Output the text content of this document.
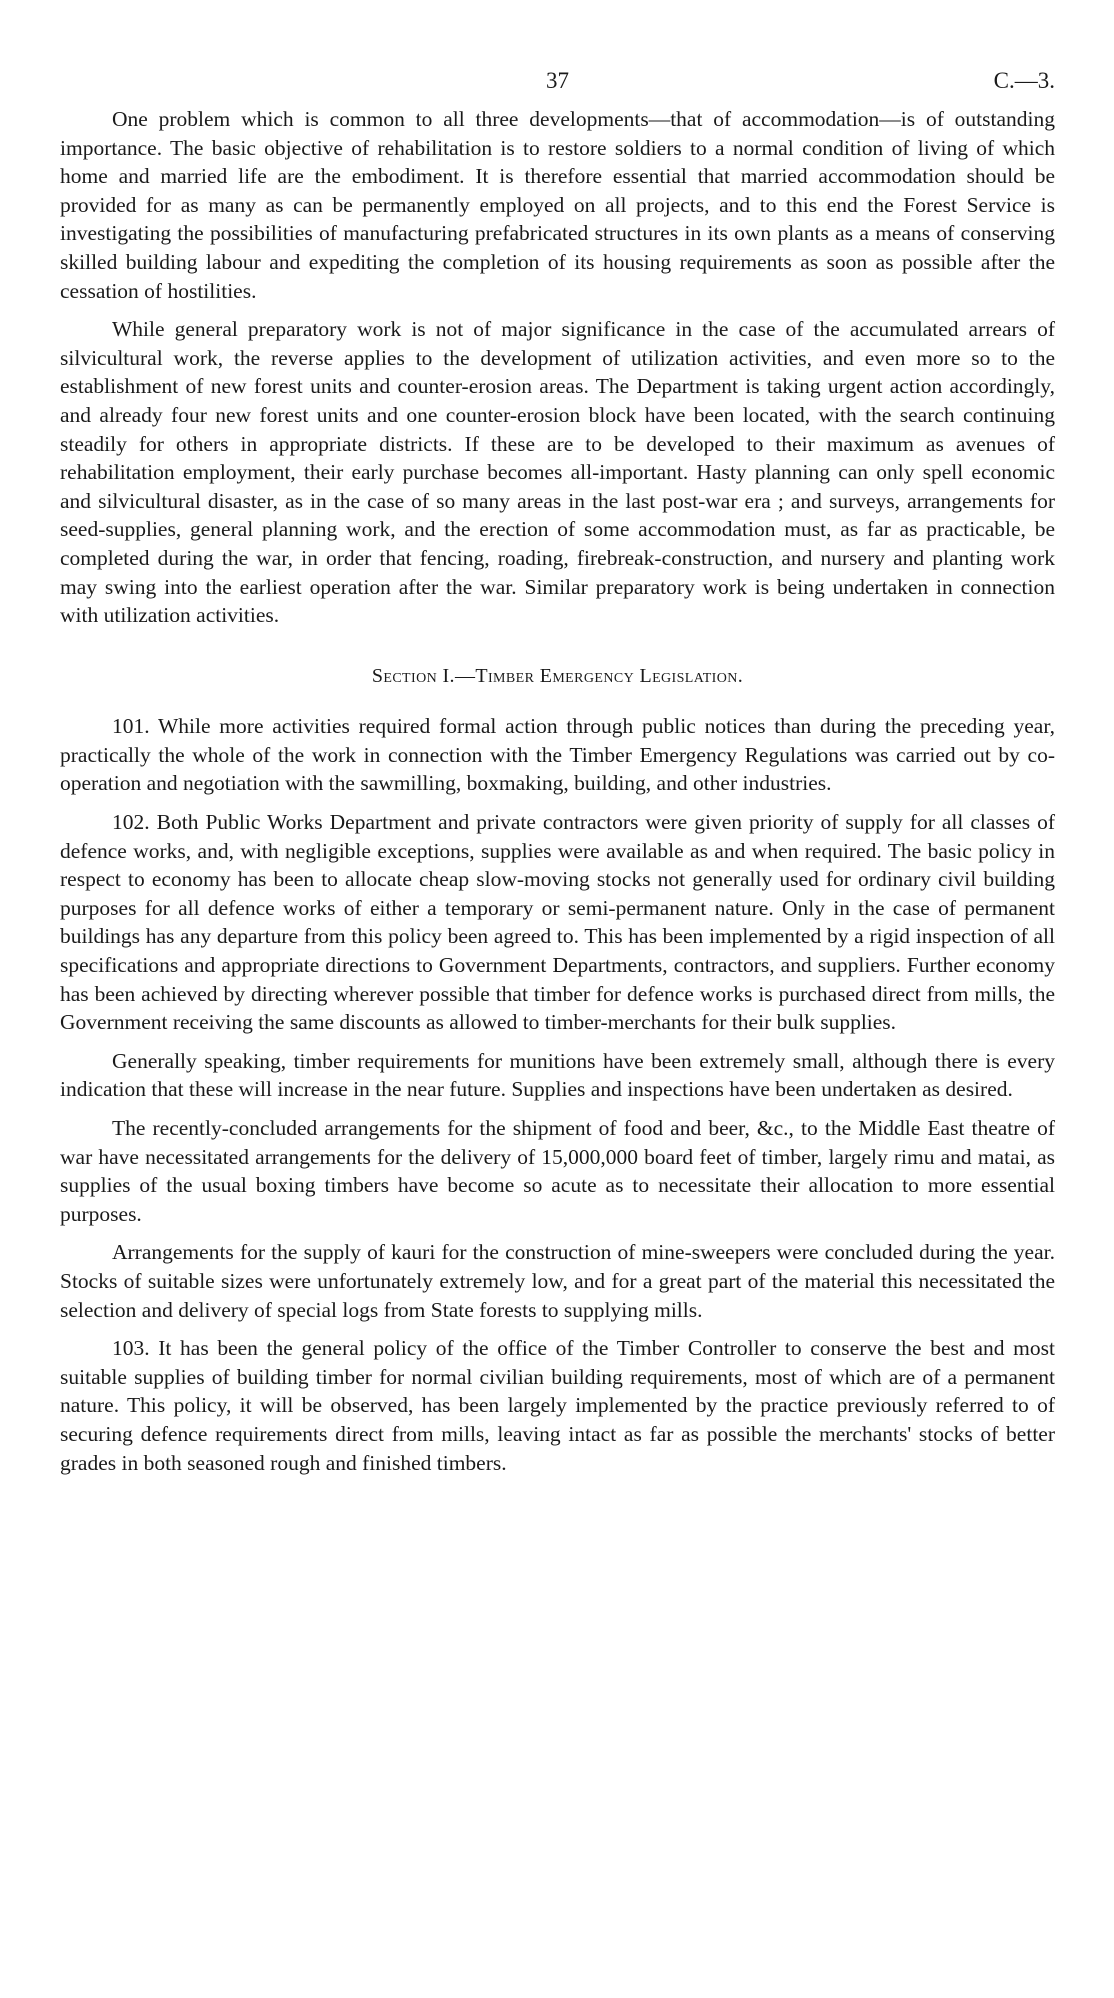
37	C.—3.

One problem which is common to all three developments—that of accommodation—is of outstanding importance. The basic objective of rehabilitation is to restore soldiers to a normal condition of living of which home and married life are the embodiment. It is therefore essential that married accommodation should be provided for as many as can be permanently employed on all projects, and to this end the Forest Service is investigating the possibilities of manufacturing prefabricated structures in its own plants as a means of conserving skilled building labour and expediting the completion of its housing requirements as soon as possible after the cessation of hostilities.

While general preparatory work is not of major significance in the case of the accumulated arrears of silvicultural work, the reverse applies to the development of utilization activities, and even more so to the establishment of new forest units and counter-erosion areas. The Department is taking urgent action accordingly, and already four new forest units and one counter-erosion block have been located, with the search continuing steadily for others in appropriate districts. If these are to be developed to their maximum as avenues of rehabilitation employment, their early purchase becomes all-important. Hasty planning can only spell economic and silvicultural disaster, as in the case of so many areas in the last post-war era ; and surveys, arrangements for seed-supplies, general planning work, and the erection of some accommodation must, as far as practicable, be completed during the war, in order that fencing, roading, firebreak-construction, and nursery and planting work may swing into the earliest operation after the war. Similar preparatory work is being undertaken in connection with utilization activities.

Section I.—Timber Emergency Legislation.

101. While more activities required formal action through public notices than during the preceding year, practically the whole of the work in connection with the Timber Emergency Regulations was carried out by co-operation and negotiation with the sawmilling, boxmaking, building, and other industries.

102. Both Public Works Department and private contractors were given priority of supply for all classes of defence works, and, with negligible exceptions, supplies were available as and when required. The basic policy in respect to economy has been to allocate cheap slow-moving stocks not generally used for ordinary civil building purposes for all defence works of either a temporary or semi-permanent nature. Only in the case of permanent buildings has any departure from this policy been agreed to. This has been implemented by a rigid inspection of all specifications and appropriate directions to Government Departments, contractors, and suppliers. Further economy has been achieved by directing wherever possible that timber for defence works is purchased direct from mills, the Government receiving the same discounts as allowed to timber-merchants for their bulk supplies.

Generally speaking, timber requirements for munitions have been extremely small, although there is every indication that these will increase in the near future. Supplies and inspections have been undertaken as desired.

The recently-concluded arrangements for the shipment of food and beer, &c., to the Middle East theatre of war have necessitated arrangements for the delivery of 15,000,000 board feet of timber, largely rimu and matai, as supplies of the usual boxing timbers have become so acute as to necessitate their allocation to more essential purposes.

Arrangements for the supply of kauri for the construction of mine-sweepers were concluded during the year. Stocks of suitable sizes were unfortunately extremely low, and for a great part of the material this necessitated the selection and delivery of special logs from State forests to supplying mills.

103. It has been the general policy of the office of the Timber Controller to conserve the best and most suitable supplies of building timber for normal civilian building requirements, most of which are of a permanent nature. This policy, it will be observed, has been largely implemented by the practice previously referred to of securing defence requirements direct from mills, leaving intact as far as possible the merchants' stocks of better grades in both seasoned rough and finished timbers.
